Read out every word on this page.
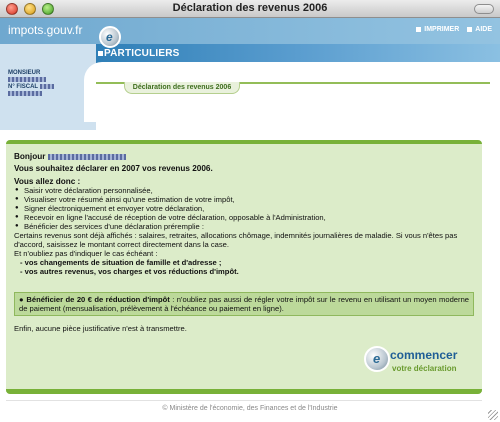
Déclaration des revenus 2006
impots.gouv.fr	IMPRIMER AIDE
PARTICULIERS
Déclaration des revenus 2006
e
MONSIEUR
N° FISCAL
Bonjour
Vous souhaitez déclarer en 2007 vos revenus 2006.
Vous allez donc :
● Saisir votre déclaration personnalisée,
● Visualiser votre résumé ainsi qu'une estimation de votre impôt,
● Signer électroniquement et envoyer votre déclaration,
● Recevoir en ligne l'accusé de réception de votre déclaration, opposable à l'Administration,
● Bénéficier des services d'une déclaration préremplie :
Certains revenus sont déjà affichés : salaires, retraites, allocations chômage, indemnités journalières de maladie. Si vous n'êtes pas d'accord, saisissez le montant correct directement dans la case.
Et n'oubliez pas d'indiquer le cas échéant :
- vos changements de situation de famille et d'adresse ;
- vos autres revenus, vos charges et vos réductions d'impôt.
● Bénéficier de 20 € de réduction d'impôt : n'oubliez pas aussi de régler votre impôt sur le revenu en utilisant un moyen moderne de paiement (mensualisation, prélèvement à l'échéance ou paiement en ligne).
Enfin, aucune pièce justificative n'est à transmettre.
e commencer
votre déclaration
© Ministère de l'économie, des Finances et de l'Industrie
